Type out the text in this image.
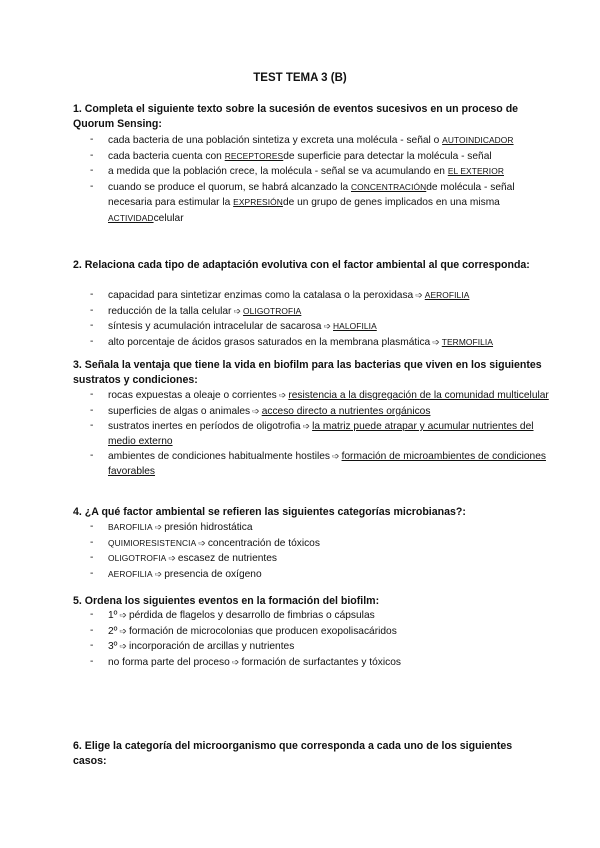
TEST TEMA 3 (B)
1. Completa el siguiente texto sobre la sucesión de eventos sucesivos en un proceso de Quorum Sensing:
- cada bacteria de una población sintetiza y excreta una molécula - señal o AUTOINDICADOR
- cada bacteria cuenta con RECEPTORESde superficie para detectar la molécula - señal
- a medida que la población crece, la molécula - señal se va acumulando en EL EXTERIOR
- cuando se produce el quorum, se habrá alcanzado la CONCENTRACIÓNde molécula - señal necesaria para estimular la EXPRESIÓNde un grupo de genes implicados en una misma ACTIVIDADcelular
2. Relaciona cada tipo de adaptación evolutiva con el factor ambiental al que corresponda:
- capacidad para sintetizar enzimas como la catalasa o la peroxidasa ➩ AEROFILIA
- reducción de la talla celular ➩ OLIGOTROFIA
- síntesis y acumulación intracelular de sacarosa ➩ HALOFILIA
- alto porcentaje de ácidos grasos saturados en la membrana plasmática ➩ TERMOFILIA
3. Señala la ventaja que tiene la vida en biofilm para las bacterias que viven en los siguientes sustratos y condiciones:
- rocas expuestas a oleaje o corrientes ➩ resistencia a la disgregación de la comunidad multicelular
- superficies de algas o animales ➩ acceso directo a nutrientes orgánicos
- sustratos inertes en períodos de oligotrofia ➩ la matriz puede atrapar y acumular nutrientes del medio externo
- ambientes de condiciones habitualmente hostiles ➩ formación de microambientes de condiciones favorables
4. ¿A qué factor ambiental se refieren las siguientes categorías microbianas?:
- BAROFILIA ➩ presión hidrostática
- QUIMIORESISTENCIA ➩ concentración de tóxicos
- OLIGOTROFIA ➩ escasez de nutrientes
- AEROFILIA ➩ presencia de oxígeno
5. Ordena los siguientes eventos en la formación del biofilm:
- 1º ➩ pérdida de flagelos y desarrollo de fimbrias o cápsulas
- 2º ➩ formación de microcolonias que producen exopolisacáridos
- 3º ➩ incorporación de arcillas y nutrientes
- no forma parte del proceso ➩ formación de surfactantes y tóxicos
6. Elige la categoría del microorganismo que corresponda a cada uno de los siguientes casos:
